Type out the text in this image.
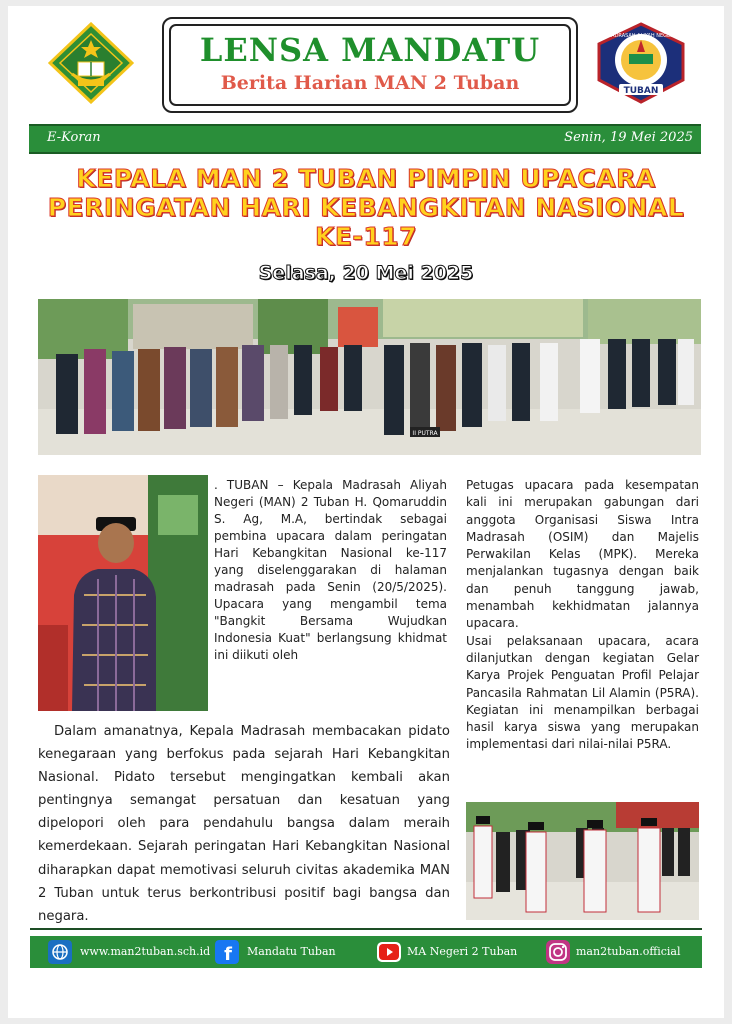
LENSA MANDATU
Berita Harian MAN 2 Tuban
MADRASAH ALIYAH NEGERI
TUBAN
E-Koran	Senin, 19 Mei 2025
KEPALA MAN 2 TUBAN PIMPIN UPACARA PERINGATAN HARI KEBANGKITAN NASIONAL KE-117
Selasa, 20 Mei 2025
II PUTRA
. TUBAN – Kepala Madrasah Aliyah Negeri (MAN) 2 Tuban H. Qomaruddin S. Ag, M.A, bertindak sebagai pembina upacara dalam peringatan Hari Kebangkitan Nasional ke-117 yang diselenggarakan di halaman madrasah pada Senin (20/5/2025). Upacara yang mengambil tema "Bangkit Bersama Wujudkan Indonesia Kuat" berlangsung khidmat ini diikuti oleh

Petugas upacara pada kesempatan kali ini merupakan gabungan dari anggota Organisasi Siswa Intra Madrasah (OSIM) dan Majelis Perwakilan Kelas (MPK). Mereka menjalankan tugasnya dengan baik dan penuh tanggung jawab, menambah kekhidmatan jalannya upacara.

Usai pelaksanaan upacara, acara dilanjutkan dengan kegiatan Gelar Karya Projek Penguatan Profil Pelajar Pancasila Rahmatan Lil Alamin (P5RA). Kegiatan ini menampilkan berbagai hasil karya siswa yang merupakan implementasi dari nilai-nilai P5RA.

Dalam amanatnya, Kepala Madrasah membacakan pidato kenegaraan yang berfokus pada sejarah Hari Kebangkitan Nasional. Pidato tersebut mengingatkan kembali akan pentingnya semangat persatuan dan kesatuan yang dipelopori oleh para pendahulu bangsa dalam meraih kemerdekaan. Sejarah peringatan Hari Kebangkitan Nasional diharapkan dapat memotivasi seluruh civitas akademika MAN 2 Tuban untuk terus berkontribusi positif bagi bangsa dan negara.
www.man2tuban.sch.id f Mandatu Tuban	MA Negeri 2 Tuban	man2tuban.official
